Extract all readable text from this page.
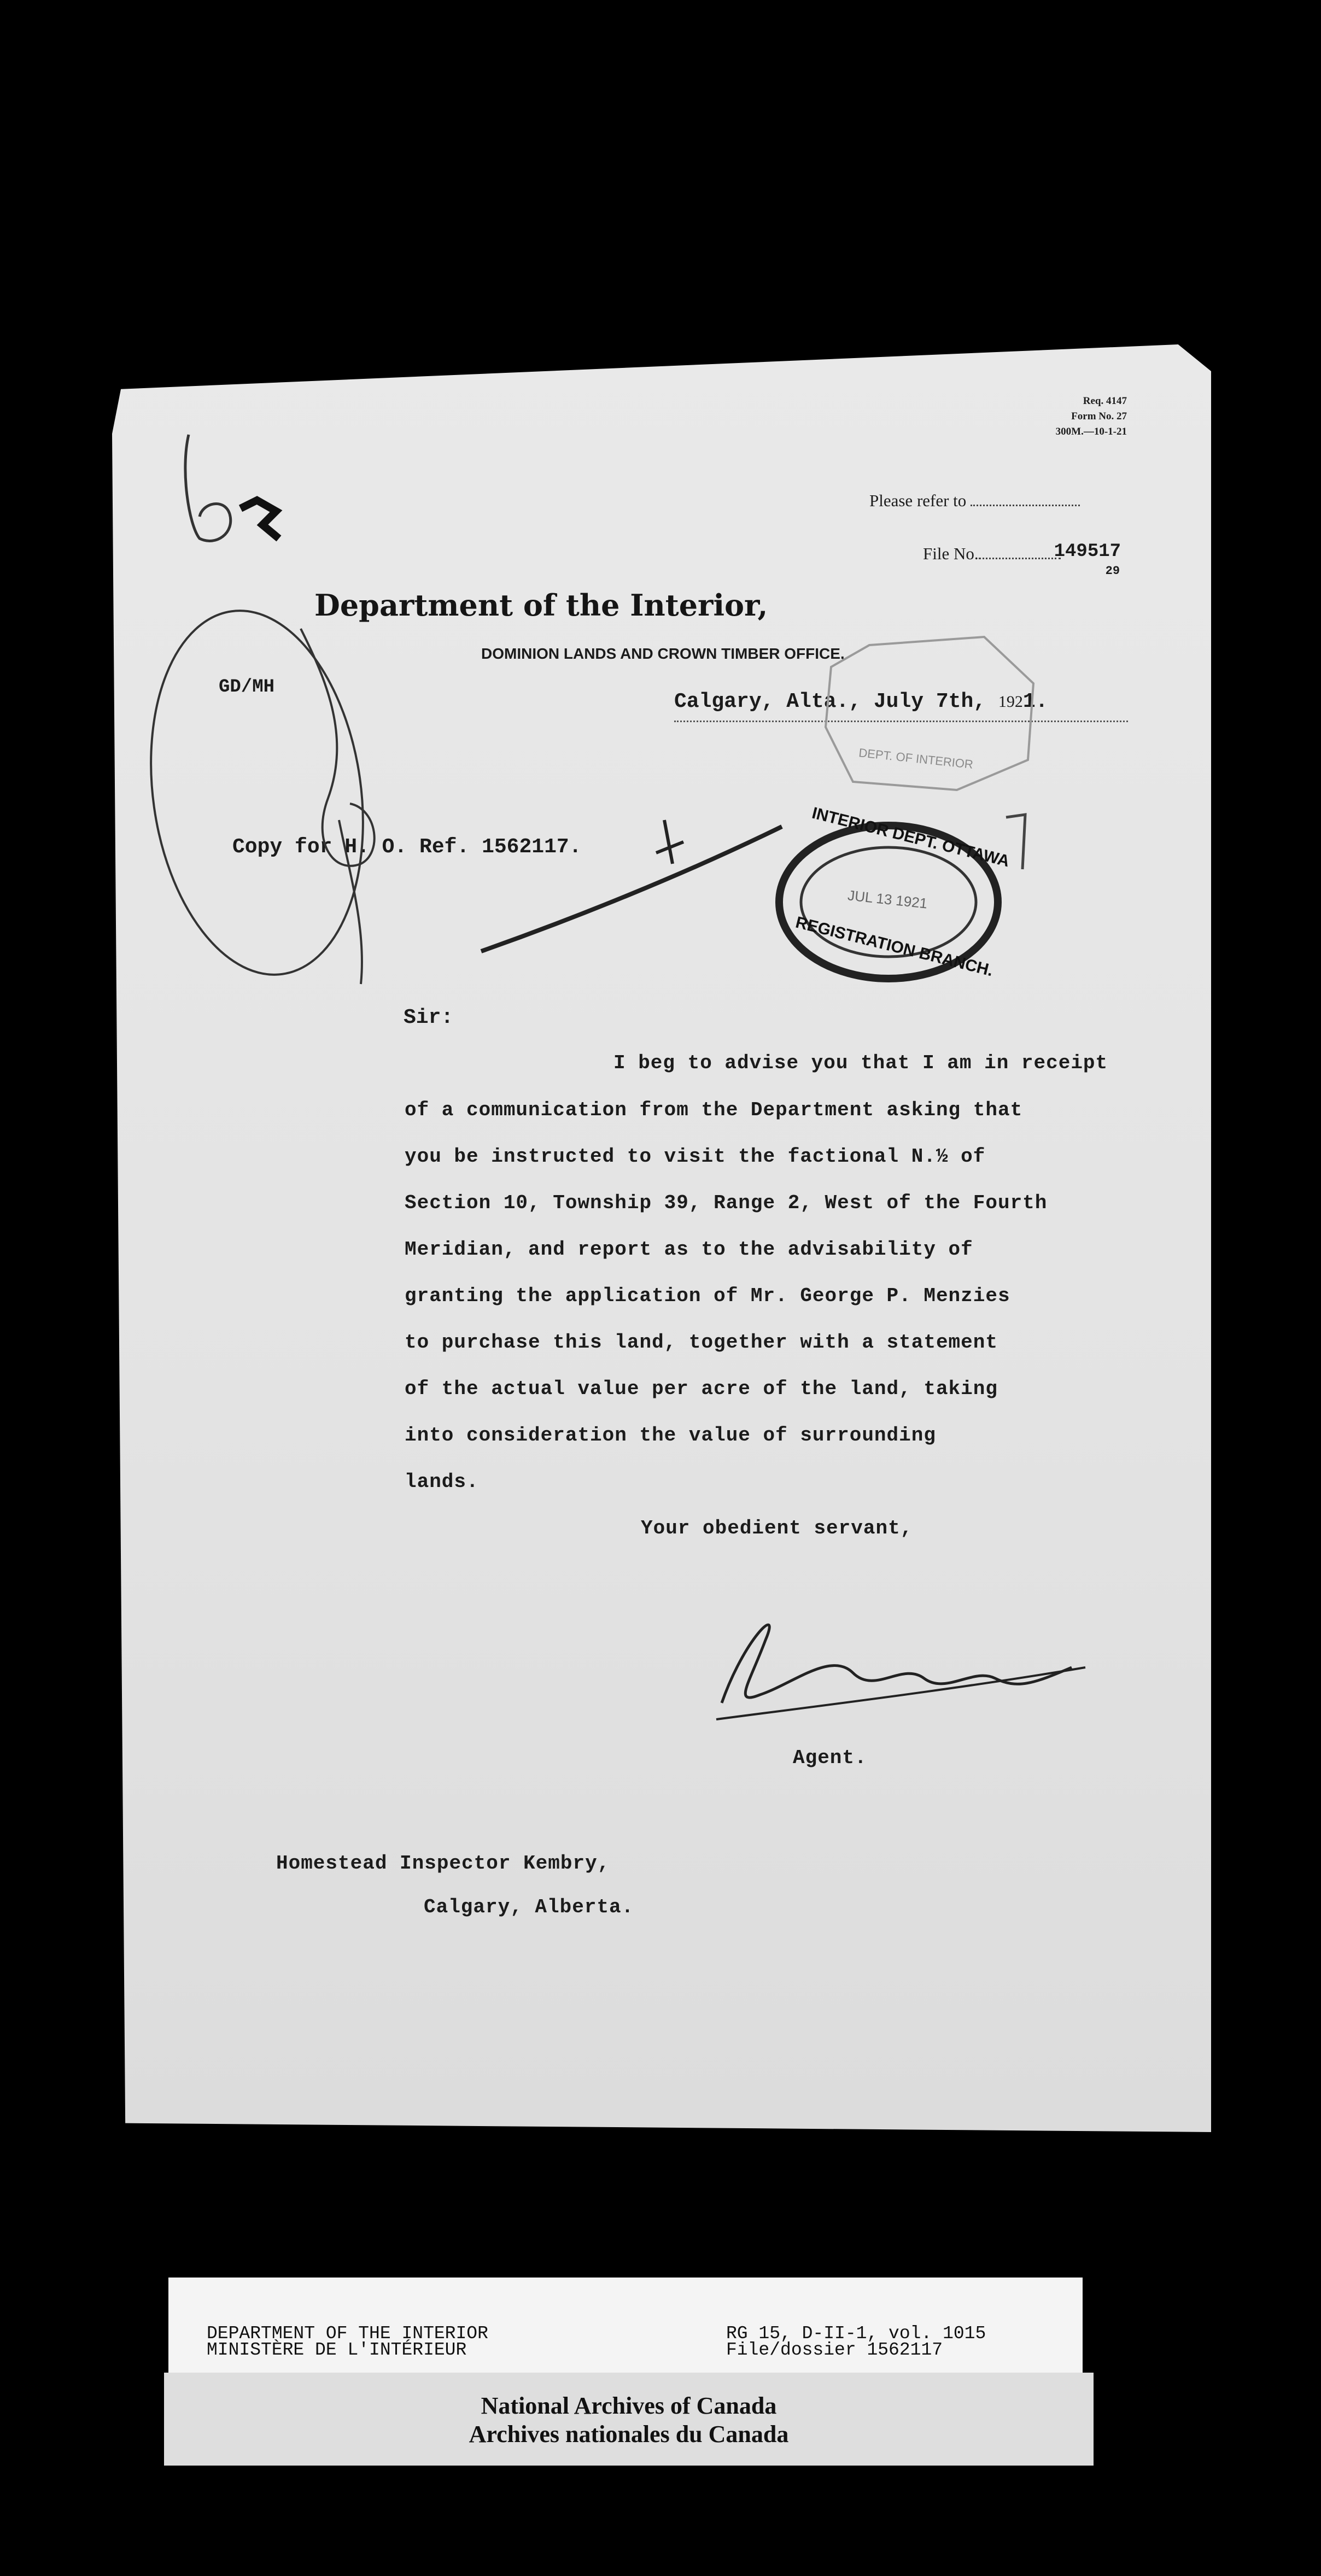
Req. 4147
Form No. 27
300M.—10-1-21
Please refer to
File No.	149517
29
Department of the Interior,
DOMINION LANDS AND CROWN TIMBER OFFICE,
GD/MH
Calgary, Alta., July 7th, 1921.
DEPT. OF INTERIOR
Copy for H. O. Ref. 1562117.	INTERIOR DEPT. OTTAWA
JUL 13 1921
REGISTRATION BRANCH.
Sir:
I beg to advise you that I am in receipt
of a communication from the Department asking that
you be instructed to visit the factional N.½ of
Section 10, Township 39, Range 2, West of the Fourth
Meridian, and report as to the advisability of
granting the application of Mr. George P. Menzies
to purchase this land, together with a statement
of the actual value per acre of the land, taking
into consideration the value of surrounding
lands.
Your obedient servant,
Agent.
Homestead Inspector Kembry,
Calgary, Alberta.
DEPARTMENT OF THE INTERIOR
MINISTÈRE DE L'INTÉRIEUR
RG 15, D-II-1, vol. 1015
File/dossier 1562117
National Archives of Canada
Archives nationales du Canada
